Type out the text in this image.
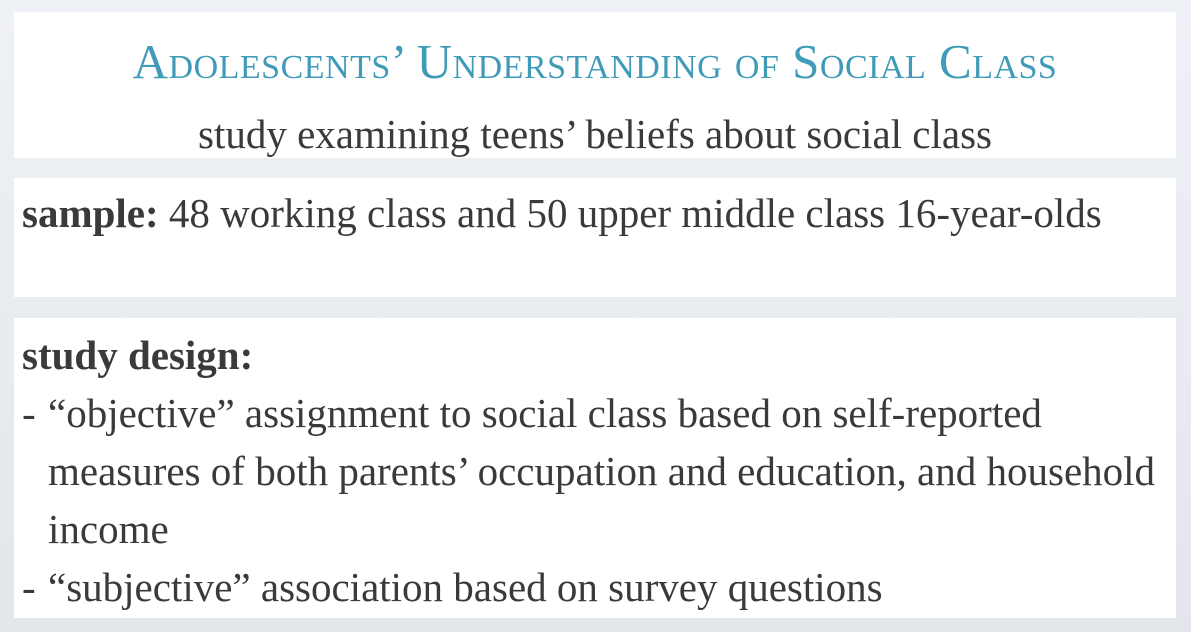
Adolescents’ Understanding of Social Class
study examining teens’ beliefs about social class
sample: 48 working class and 50 upper middle class 16-year-olds
study design:
- “objective” assignment to social class based on self-reported measures of both parents’ occupation and education, and household income
- “subjective” association based on survey questions
